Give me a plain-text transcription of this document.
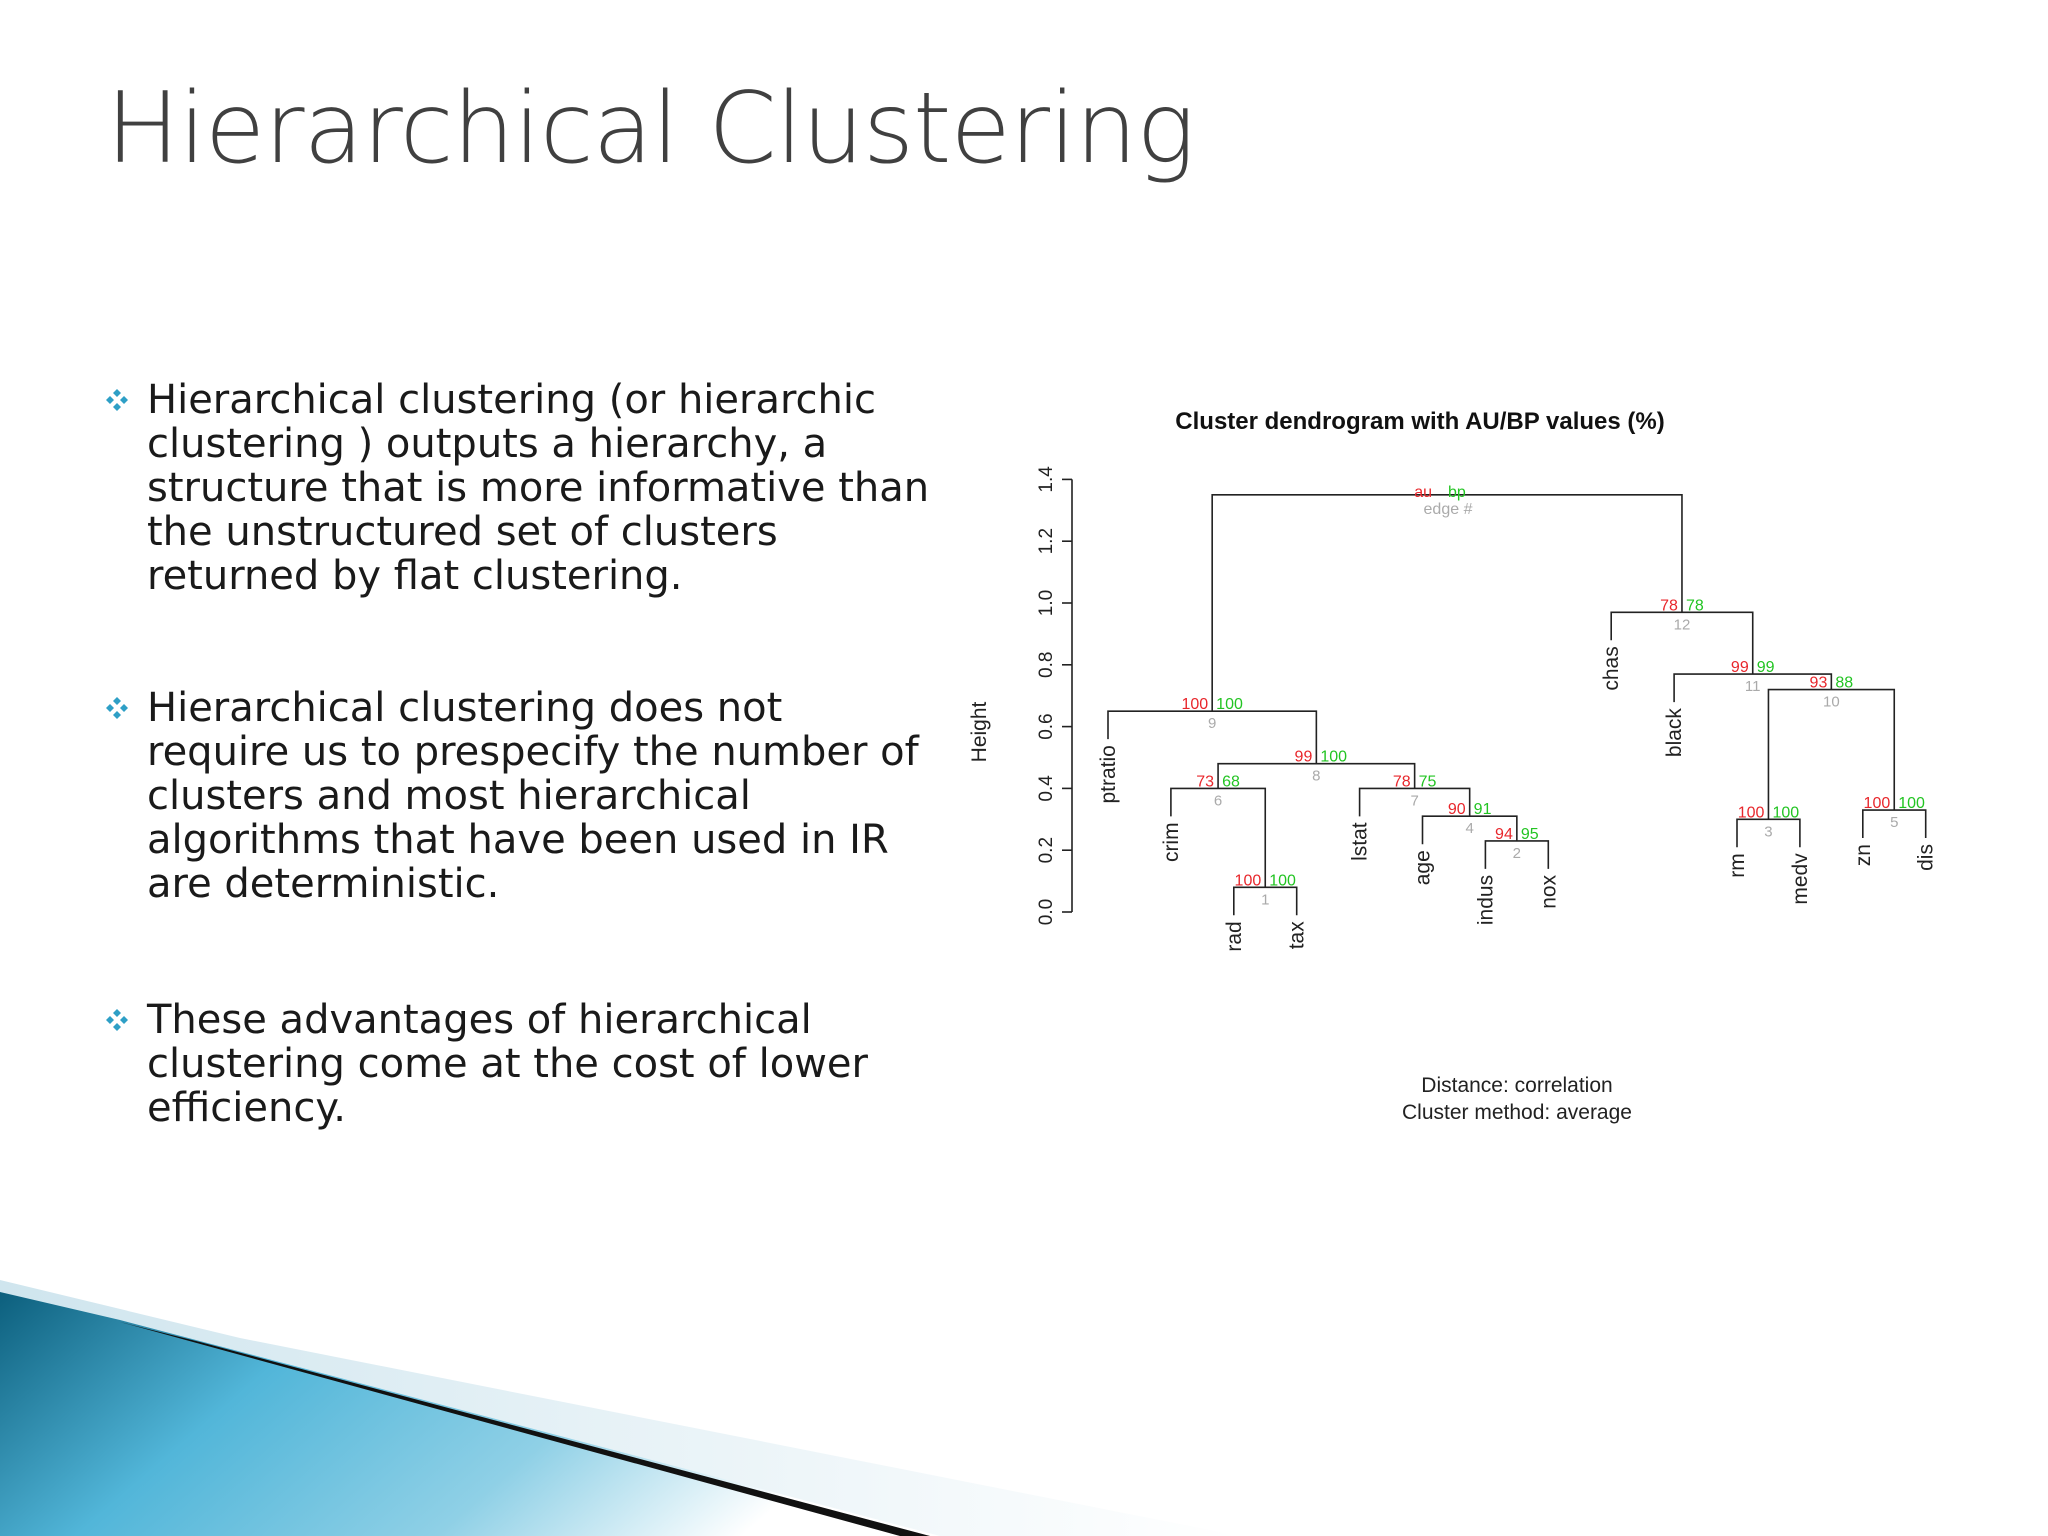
Hierarchical Clustering
Hierarchical clustering (or hierarchic clustering ) outputs a hierarchy, a structure that is more informative than the unstructured set of clusters returned by flat clustering.
Hierarchical clustering does not require us to prespecify the number of clusters and most hierarchical algorithms that have been used in IR are deterministic.
These advantages of hierarchical clustering come at the cost of lower efficiency.
Cluster dendrogram with AU/BP values (%)
0.0
0.2
0.4
0.6
0.8
1.0
1.2
1.4
Height
100 100
1
94 95
2
100 100
3
90 91
4
100 100
5
73 68
6
78 75
7
99 100
8
100 100
9
93 88
10
99 99
11
78 78
12
ptratio
crim
rad tax
lstat
age
indus nox
chas
black
rm medv zn dis
au bp
edge #
Distance: correlation
Cluster method: average
